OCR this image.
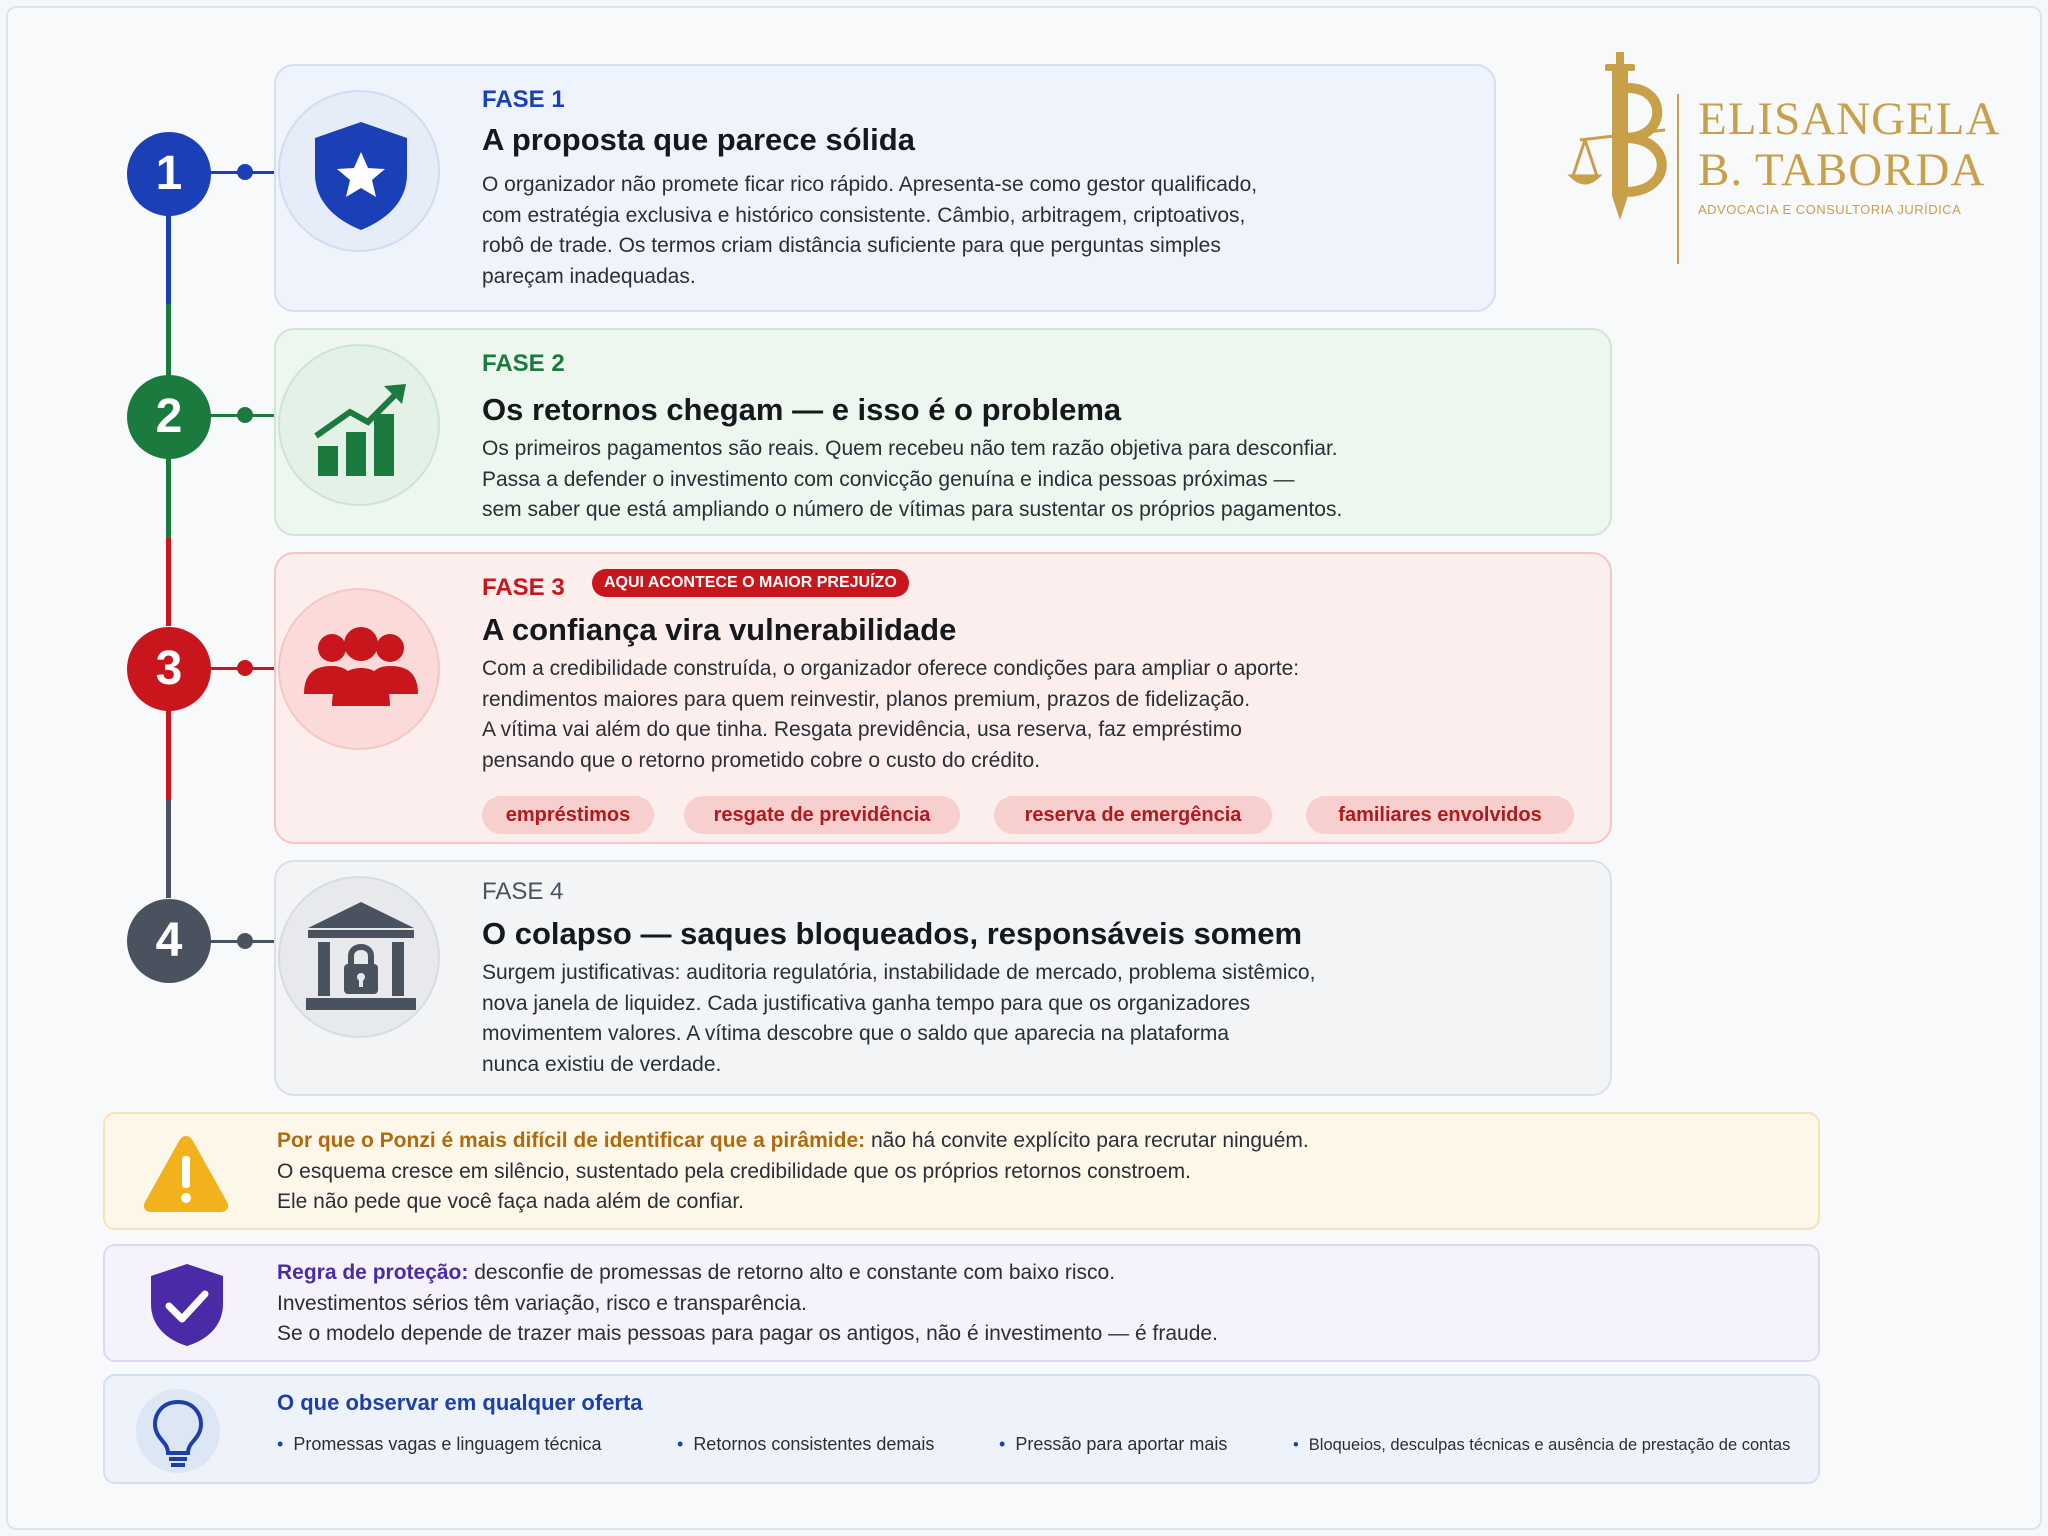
ELISANGELA
B. TABORDA
ADVOCACIA E CONSULTORIA JURÍDICA
1
2
3
4
FASE 1
A proposta que parece sólida
O organizador não promete ficar rico rápido. Apresenta-se como gestor qualificado,
com estratégia exclusiva e histórico consistente. Câmbio, arbitragem, criptoativos,
robô de trade. Os termos criam distância suficiente para que perguntas simples
pareçam inadequadas.
FASE 2
Os retornos chegam — e isso é o problema
Os primeiros pagamentos são reais. Quem recebeu não tem razão objetiva para desconfiar.
Passa a defender o investimento com convicção genuína e indica pessoas próximas —
sem saber que está ampliando o número de vítimas para sustentar os próprios pagamentos.
FASE 3	AQUI ACONTECE O MAIOR PREJUÍZO
A confiança vira vulnerabilidade
Com a credibilidade construída, o organizador oferece condições para ampliar o aporte:
rendimentos maiores para quem reinvestir, planos premium, prazos de fidelização.
A vítima vai além do que tinha. Resgata previdência, usa reserva, faz empréstimo
pensando que o retorno prometido cobre o custo do crédito.
empréstimos	resgate de previdência	reserva de emergência	familiares envolvidos
FASE 4
O colapso — saques bloqueados, responsáveis somem
Surgem justificativas: auditoria regulatória, instabilidade de mercado, problema sistêmico,
nova janela de liquidez. Cada justificativa ganha tempo para que os organizadores
movimentem valores. A vítima descobre que o saldo que aparecia na plataforma
nunca existiu de verdade.
Por que o Ponzi é mais difícil de identificar que a pirâmide: não há convite explícito para recrutar ninguém.
O esquema cresce em silêncio, sustentado pela credibilidade que os próprios retornos constroem.
Ele não pede que você faça nada além de confiar.
Regra de proteção: desconfie de promessas de retorno alto e constante com baixo risco.
Investimentos sérios têm variação, risco e transparência.
Se o modelo depende de trazer mais pessoas para pagar os antigos, não é investimento — é fraude.
O que observar em qualquer oferta
• Promessas vagas e linguagem técnica	• Retornos consistentes demais	• Pressão para aportar mais	• Bloqueios, desculpas técnicas e ausência de prestação de contas
